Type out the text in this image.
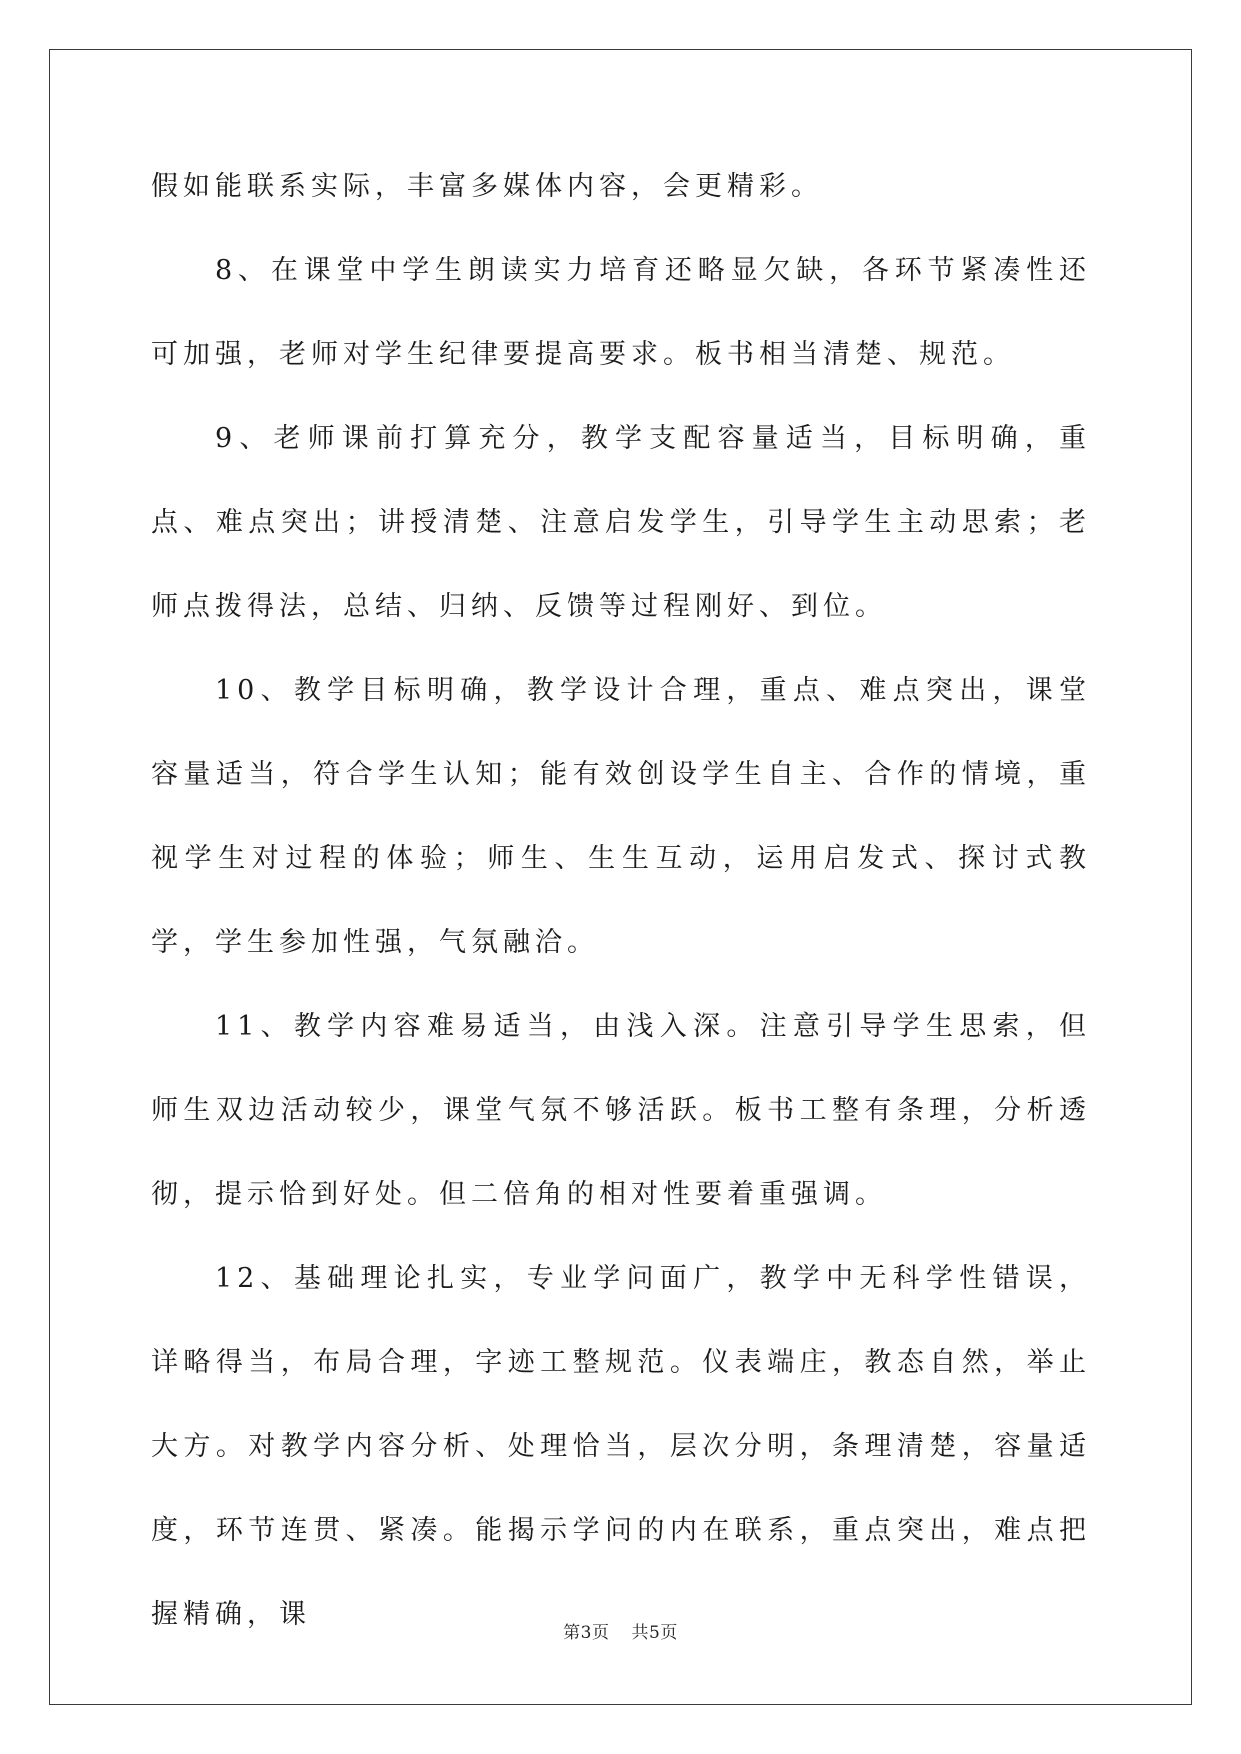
假如能联系实际，丰富多媒体内容，会更精彩。

8、在课堂中学生朗读实力培育还略显欠缺，各环节紧凑性还可加强，老师对学生纪律要提高要求。板书相当清楚、规范。

9、老师课前打算充分，教学支配容量适当，目标明确，重点、难点突出；讲授清楚、注意启发学生，引导学生主动思索；老师点拨得法，总结、归纳、反馈等过程刚好、到位。

10、教学目标明确，教学设计合理，重点、难点突出，课堂容量适当，符合学生认知；能有效创设学生自主、合作的情境，重视学生对过程的体验；师生、生生互动，运用启发式、探讨式教学，学生参加性强，气氛融洽。

11、教学内容难易适当，由浅入深。注意引导学生思索，但师生双边活动较少，课堂气氛不够活跃。板书工整有条理，分析透彻，提示恰到好处。但二倍角的相对性要着重强调。

12、基础理论扎实，专业学问面广，教学中无科学性错误，详略得当，布局合理，字迹工整规范。仪表端庄，教态自然，举止大方。对教学内容分析、处理恰当，层次分明，条理清楚，容量适度，环节连贯、紧凑。能揭示学问的内在联系，重点突出，难点把握精确，课

第3页 共5页
